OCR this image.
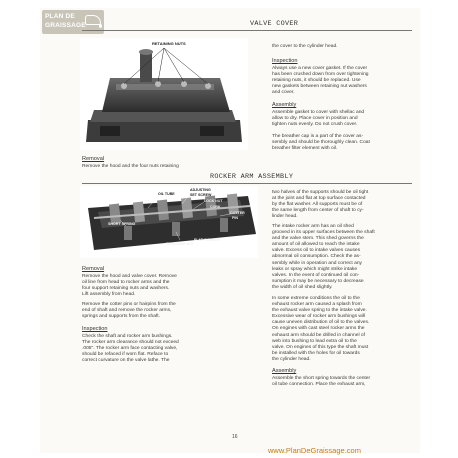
PLAN DE
GRAISSAGE	VALVE COVER
RETAINING NUTS
Removal

Remove the hood and the four nuts retaining

the cover to the cylinder head.

Inspection

Always use a new cover gasket. If the cover
has been crushed down from over tightening
retaining nuts, it should be replaced. Use
new gaskets between retaining nut washers
and cover.

Assembly

Assemble gasket to cover with shellac and
allow to dry. Place cover in position and
tighten nuts evenly. Do not crush cover.

The breather cap is a part of the cover as-
sembly and should be thoroughly clean. Coat
breather filter element with oil.

ROCKER ARM ASSEMBLY
OIL TUBE
ADJUSTING
SET SCREW
LOCK NUT
CORK
COTTER
PIN
SHORT SPRING
RETAINING NUT
FLAT WASHER
Removal

Remove the hood and valve cover. Remove
oil line from head to rocker arms and the
four support retaining nuts and washers.
Lift assembly from head.

Remove the cotter pins or hairpins from the
end of shaft and remove the rocker arms,
springs and supports from the shaft.

Inspection

Check the shaft and rocker arm bushings.
The rocker arm clearance should not exceed
.005". The rocker arm face contacting valve,
should be refaced if worn flat. Reface to
correct curvature on the valve lathe. The

two halves of the supports should be oil tight
at the joint and flat at top surface contacted
by the flat washer. All supports must be of
the same length from center of shaft to cy-
linder head.

The intake rocker arm has an oil shed
grooved in its upper surfaces between the shaft
and the valve stem. This shed governs the
amount of oil allowed to reach the intake
valve. Excess oil to intake valves causes
abnormal oil consumption. Check the as-
sembly while in operation and correct any
leaks or spray which might strike intake
valves. In the event of continued oil con-
sumption it may be necessary to decrease
the width of oil shed slightly.

In some extreme conditions the oil to the
exhaust rocker arm caused a splash from
the exhaust valve spring to the intake valve.
Excessive wear of rocker arm bushings will
cause uneven distribution of oil to the valves.
On engines with cast steel rocker arms the
exhaust arm should be drilled in channel of
web into bushing to lead extra oil to the
valve. On engines of this type the shaft must
be installed with the holes for oil towards
the cylinder head.

Assembly

Assemble the short spring towards the center
oil tube connection. Place the exhaust arm,

16
www.PlanDeGraissage.com
